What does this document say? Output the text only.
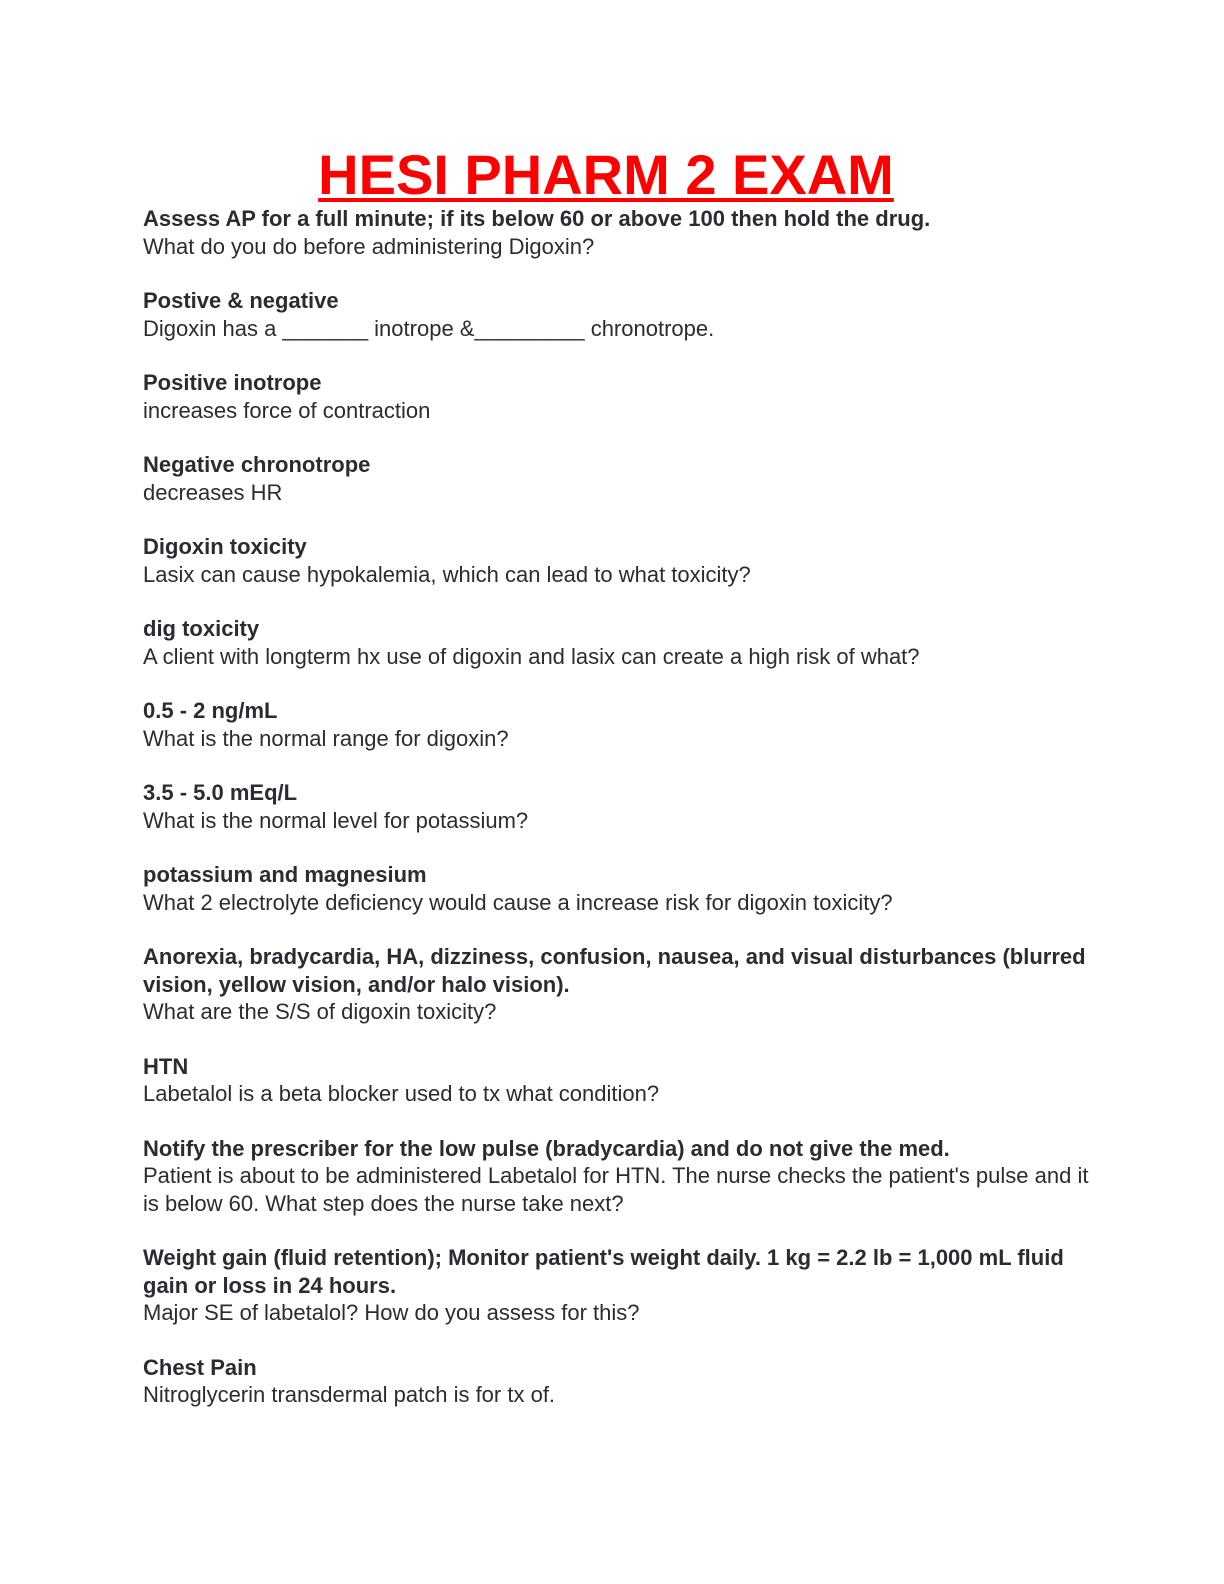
HESI PHARM 2 EXAM

Assess AP for a full minute; if its below 60 or above 100 then hold the drug.

What do you do before administering Digoxin?

Postive & negative

Digoxin has a _______ inotrope &_________ chronotrope.

Positive inotrope

increases force of contraction

Negative chronotrope

decreases HR

Digoxin toxicity

Lasix can cause hypokalemia, which can lead to what toxicity?

dig toxicity

A client with longterm hx use of digoxin and lasix can create a high risk of what?

0.5 - 2 ng/mL

What is the normal range for digoxin?

3.5 - 5.0 mEq/L

What is the normal level for potassium?

potassium and magnesium

What 2 electrolyte deficiency would cause a increase risk for digoxin toxicity?

Anorexia, bradycardia, HA, dizziness, confusion, nausea, and visual disturbances (blurred vision, yellow vision, and/or halo vision).

What are the S/S of digoxin toxicity?

HTN

Labetalol is a beta blocker used to tx what condition?

Notify the prescriber for the low pulse (bradycardia) and do not give the med.

Patient is about to be administered Labetalol for HTN. The nurse checks the patient's pulse and it is below 60. What step does the nurse take next?

Weight gain (fluid retention); Monitor patient's weight daily. 1 kg = 2.2 lb = 1,000 mL fluid gain or loss in 24 hours.

Major SE of labetalol? How do you assess for this?

Chest Pain

Nitroglycerin transdermal patch is for tx of.
